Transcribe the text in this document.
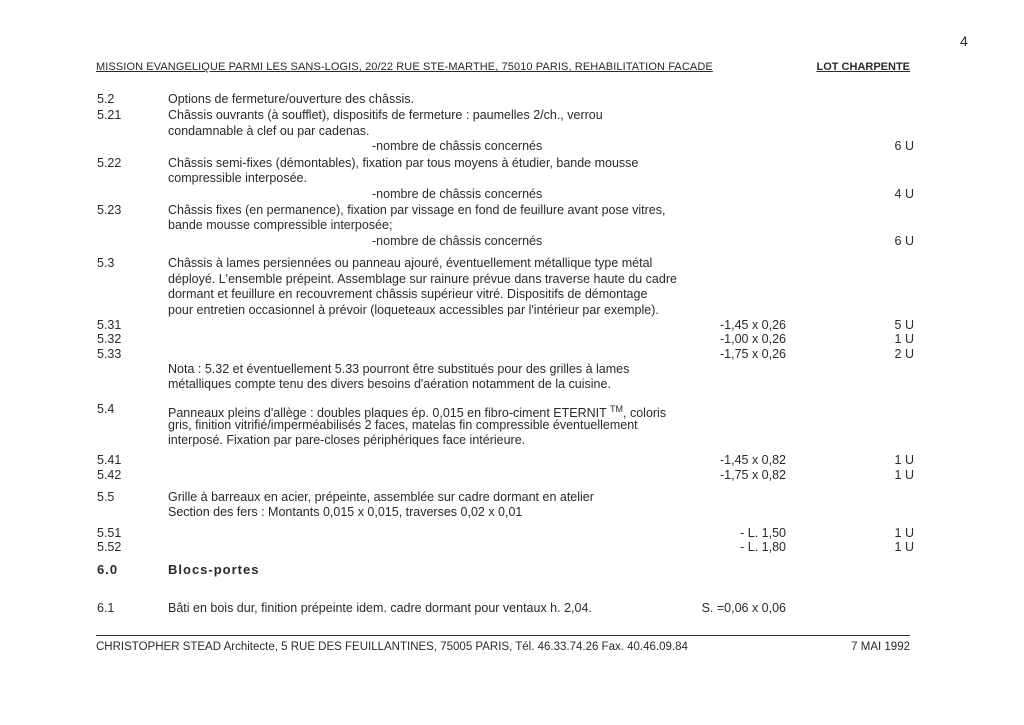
4
MISSION EVANGELIQUE PARMI LES SANS-LOGIS, 20/22 RUE STE-MARTHE, 75010 PARIS, REHABILITATION FACADE	LOT CHARPENTE
5.2	Options de fermeture/ouverture des châssis.
5.21	Châssis ouvrants (à soufflet), dispositifs de fermeture : paumelles 2/ch., verrou
condamnable à clef ou par cadenas.
-nombre de châssis concernés	6 U
5.22	Châssis semi-fixes (démontables), fixation par tous moyens à étudier, bande mousse
compressible interposée.
-nombre de châssis concernés	4 U
5.23	Châssis fixes (en permanence), fixation par vissage en fond de feuillure avant pose vitres,
bande mousse compressible interposée;
-nombre de châssis concernés	6 U
5.3	Châssis à lames persiennées ou panneau ajouré, éventuellement métallique type métal
déployé. L'ensemble prépeint. Assemblage sur rainure prévue dans traverse haute du cadre
dormant et feuillure en recouvrement châssis supérieur vitré. Dispositifs de démontage
pour entretien occasionnel à prévoir (loqueteaux accessibles par l'intérieur par exemple).
5.31	-1,45 x 0,26	5 U
5.32	-1,00 x 0,26	1 U
5.33	-1,75 x 0,26	2 U
Nota : 5.32 et éventuellement 5.33 pourront être substitués pour des grilles à lames
métalliques compte tenu des divers besoins d'aération notamment de la cuisine.
5.4	Panneaux pleins d'allège : doubles plaques ép. 0,015 en fibro-ciment ETERNIT ™, coloris
gris, finition vitrifié/imperméabilisés 2 faces, matelas fin compressible éventuellement
interposé. Fixation par pare-closes périphériques face intérieure.
5.41	-1,45 x 0,82	1 U
5.42	-1,75 x 0,82	1 U
5.5	Grille à barreaux en acier, prépeinte, assemblée sur cadre dormant en atelier
Section des fers : Montants 0,015 x 0,015, traverses 0,02 x 0,01
5.51	- L. 1,50	1 U
5.52	- L. 1,80	1 U
6.0	Blocs-portes
6.1	Bâti en bois dur, finition prépeinte idem. cadre dormant pour ventaux h. 2,04.	S. =0,06 x 0,06
CHRISTOPHER STEAD Architecte, 5 RUE DES FEUILLANTINES, 75005 PARIS, Tél. 46.33.74.26 Fax. 40.46.09.84	7 MAI 1992
